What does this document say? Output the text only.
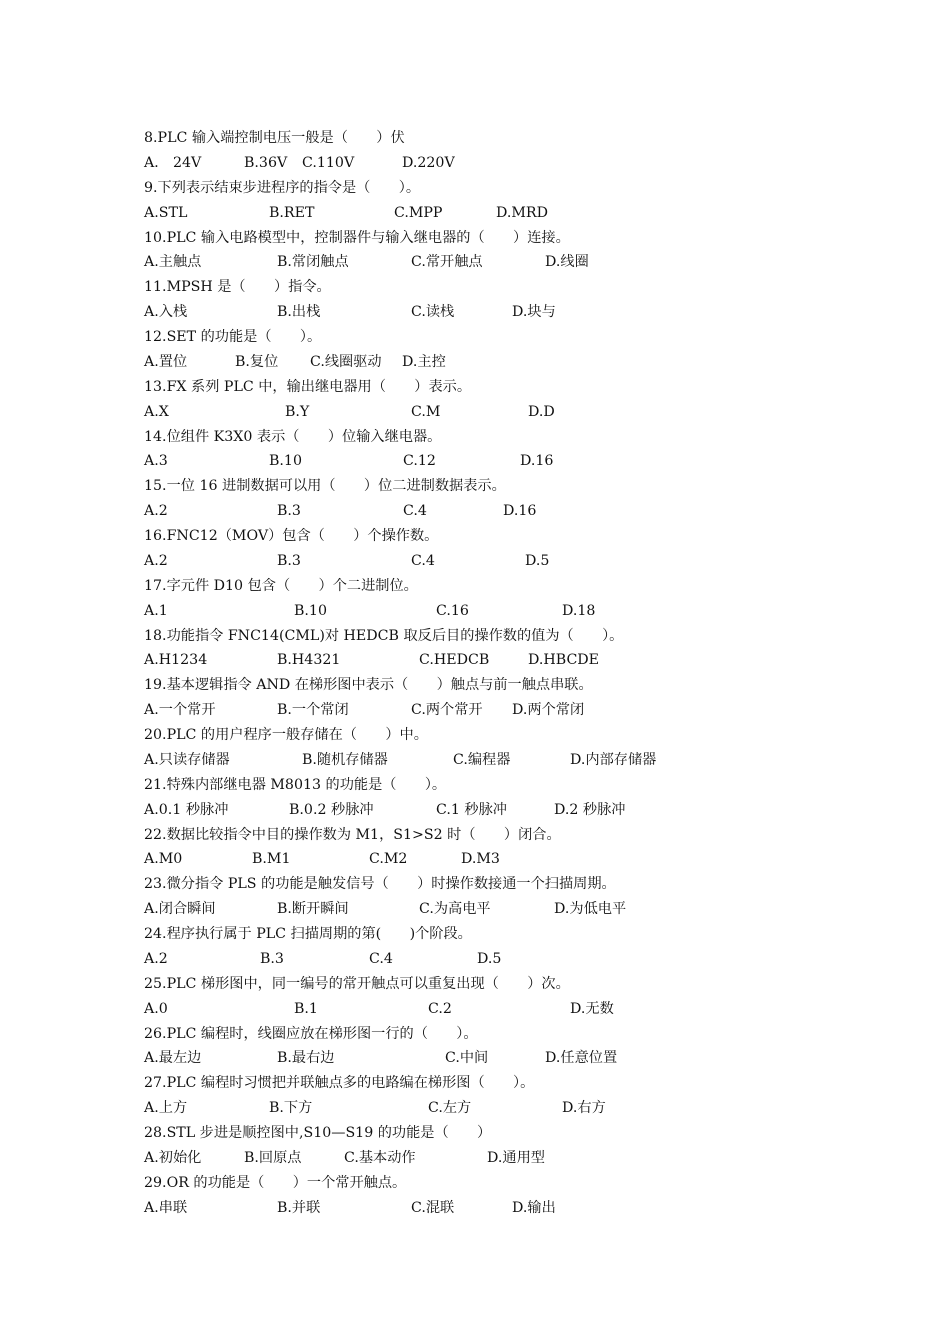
8.PLC 输入端控制电压一般是（　　）伏
A． 24V	B.36V C.110V	D.220V
9.下列表示结束步进程序的指令是（　　）。
A.STL	B.RET	C.MPP	D.MRD
10.PLC 输入电路模型中，控制器件与输入继电器的（　　）连接。
A.主触点	B.常闭触点	C.常开触点	D.线圈
11.MPSH 是（　　）指令。
A.入栈	B.出栈	C.读栈	D.块与
12.SET 的功能是（　　）。
A.置位	B.复位 C.线圈驱动 D.主控
13.FX 系列 PLC 中，输出继电器用（　　）表示。
A.X	B.Y	C.M	D.D
14.位组件 K3X0 表示（　　）位输入继电器。
A.3	B.10	C.12	D.16
15.一位 16 进制数据可以用（　　）位二进制数据表示。
A.2	B.3	C.4	D.16
16.FNC12（MOV）包含（　　）个操作数。
A.2	B.3	C.4	D.5
17.字元件 D10 包含（　　）个二进制位。
A.1	B.10	C.16	D.18
18.功能指令 FNC14(CML)对 HEDCB 取反后目的操作数的值为（　　）。
A.H1234	B.H4321	C.HEDCB	D.HBCDE
19.基本逻辑指令 AND 在梯形图中表示（　　）触点与前一触点串联。
A.一个常开	B.一个常闭	C.两个常开 D.两个常闭
20.PLC 的用户程序一般存储在（　　）中。
A.只读存储器	B.随机存储器	C.编程器	D.内部存储器
21.特殊内部继电器 M8013 的功能是（　　）。
A.0.1 秒脉冲	B.0.2 秒脉冲	C.1 秒脉冲	D.2 秒脉冲
22.数据比较指令中目的操作数为 M1，S1>S2 时（　　）闭合。
A.M0	B.M1	C.M2	D.M3
23.微分指令 PLS 的功能是触发信号（　　）时操作数接通一个扫描周期。
A.闭合瞬间	B.断开瞬间	C.为高电平	D.为低电平
24.程序执行属于 PLC 扫描周期的第(　　)个阶段。
A.2	B.3	C.4	D.5
25.PLC 梯形图中，同一编号的常开触点可以重复出现（　　）次。
A.0	B.1	C.2	D.无数
26.PLC 编程时，线圈应放在梯形图一行的（　　）。
A.最左边	B.最右边	C.中间	D.任意位置
27.PLC 编程时习惯把并联触点多的电路编在梯形图（　　）。
A.上方	B.下方	C.左方	D.右方
28.STL 步进是顺控图中,S10—S19 的功能是（　　）
A.初始化	B.回原点	C.基本动作	D.通用型
29.OR 的功能是（　　）一个常开触点。
A.串联	B.并联	C.混联	D.输出
